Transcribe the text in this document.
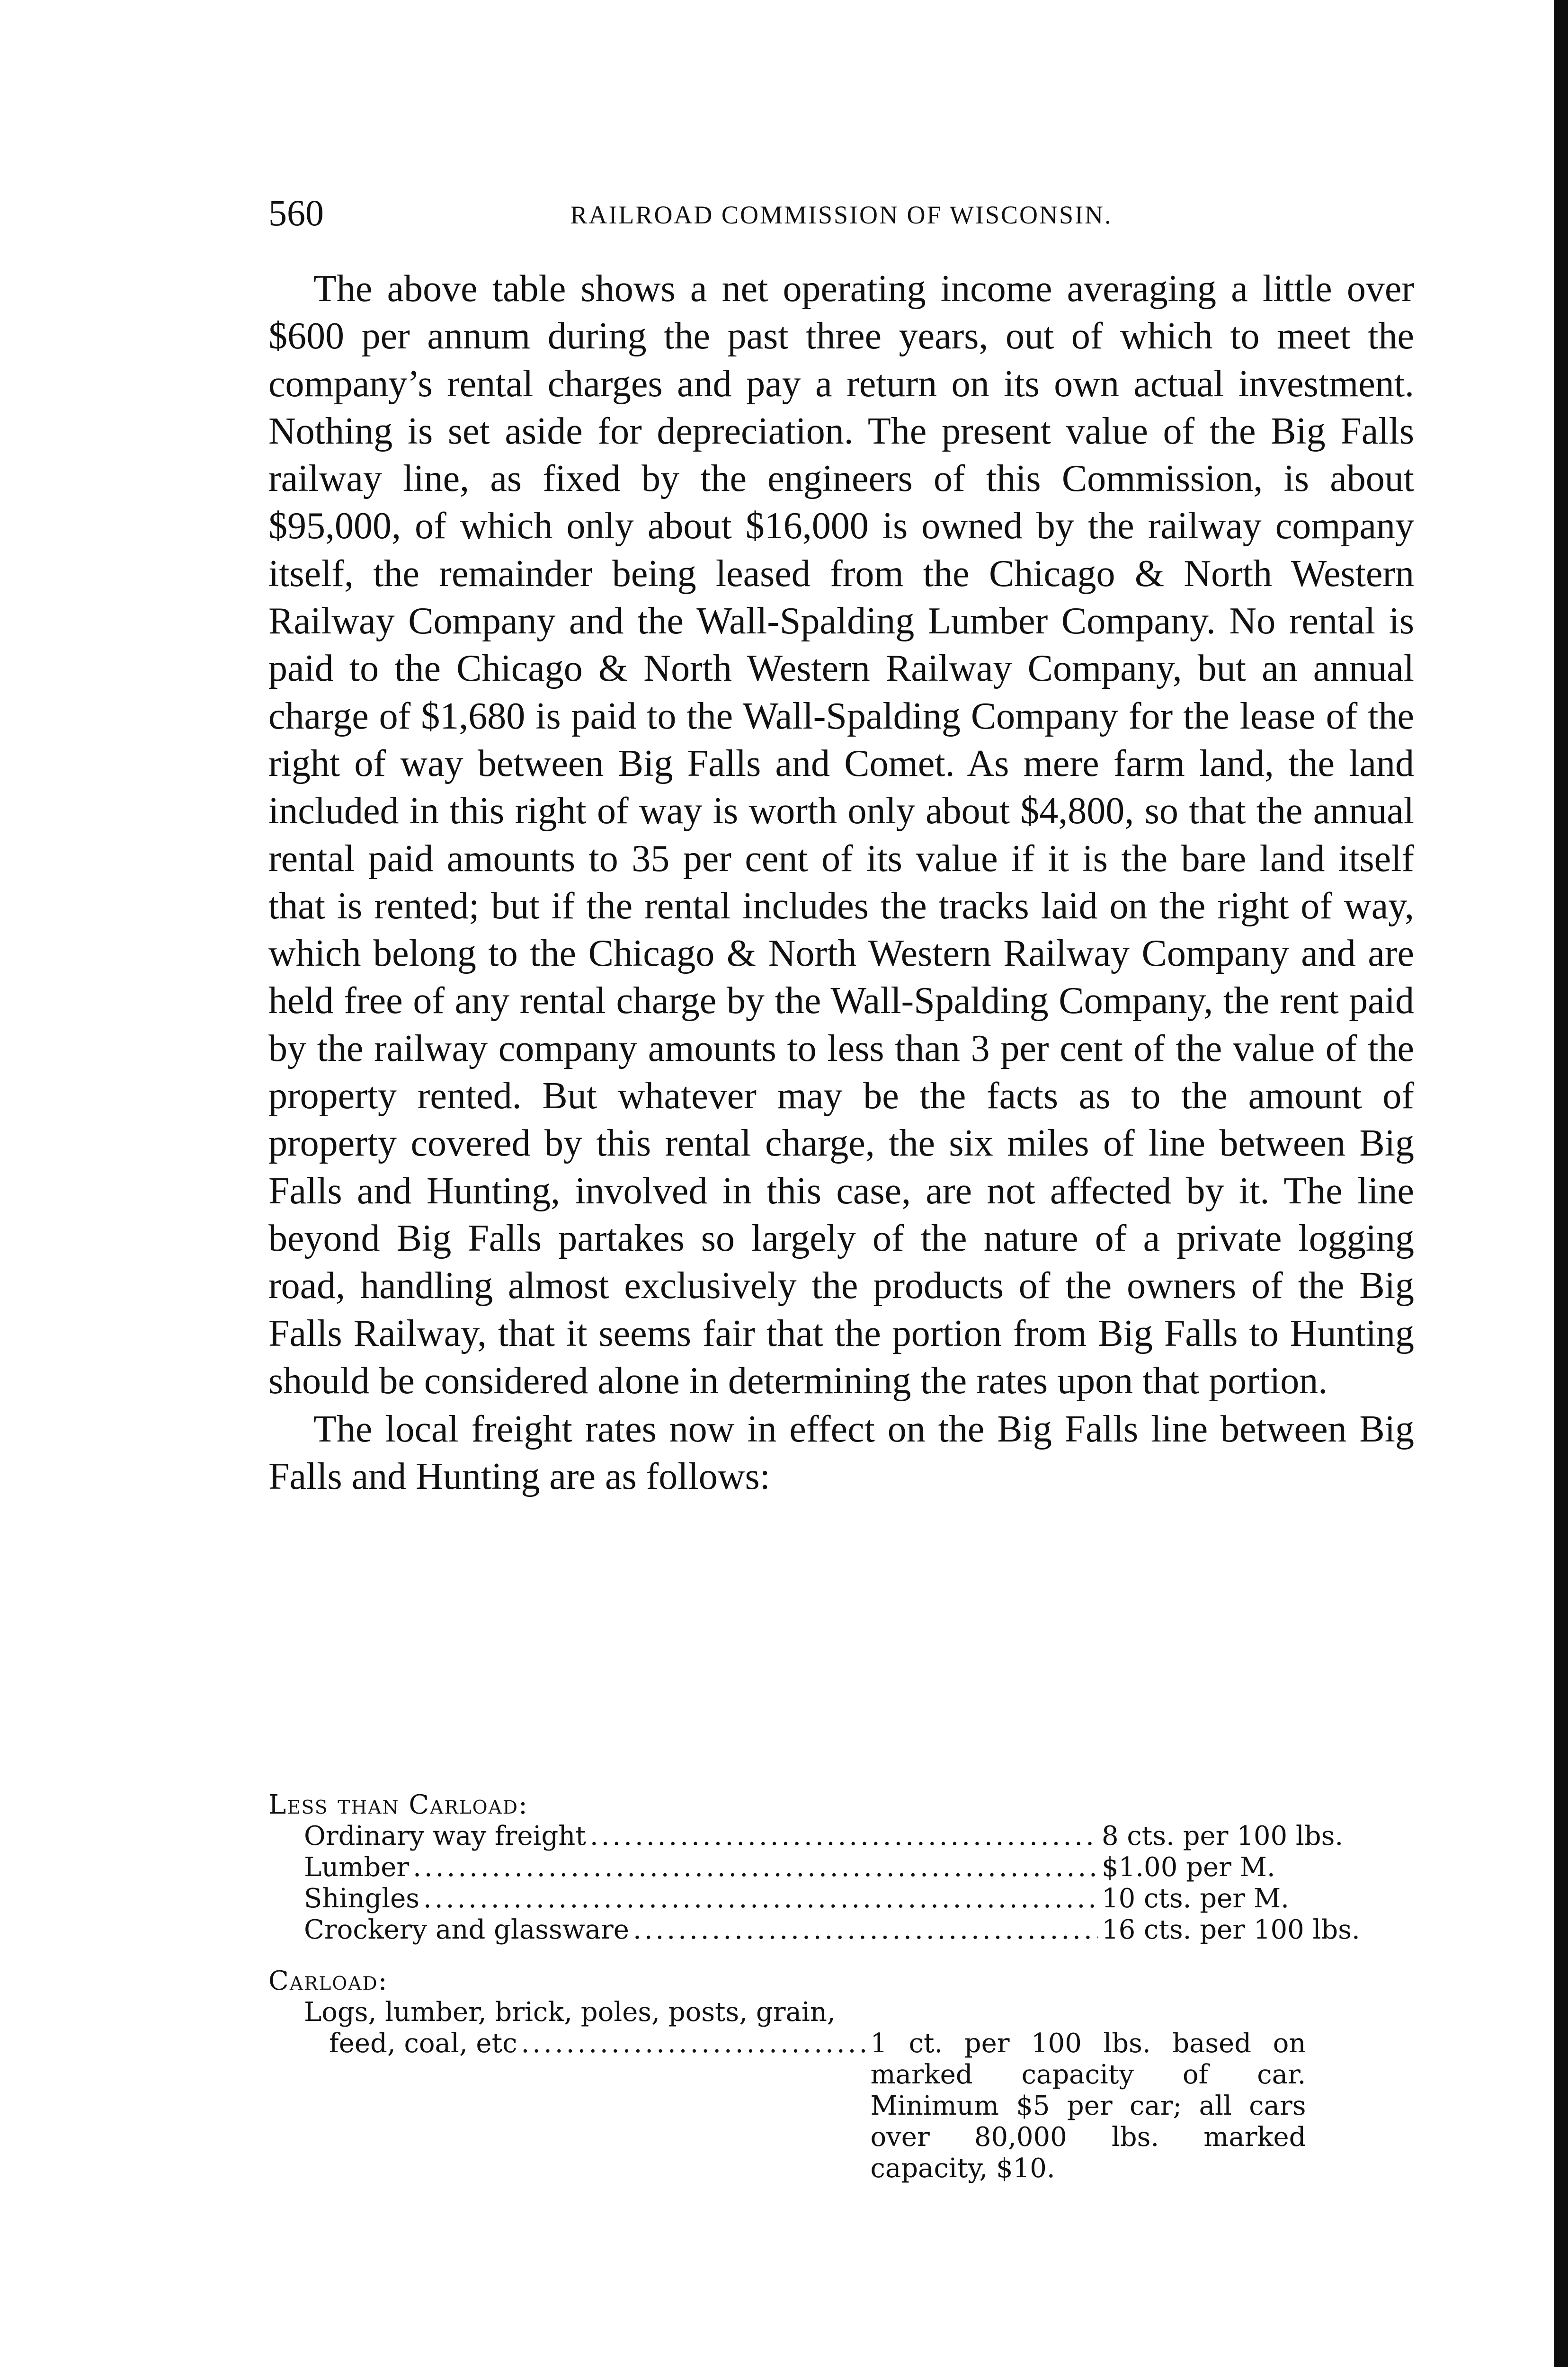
560	RAILROAD COMMISSION OF WISCONSIN.

The above table shows a net operating income averaging a little over $600 per annum during the past three years, out of which to meet the company’s rental charges and pay a return on its own actual investment. Nothing is set aside for depreciation. The present value of the Big Falls railway line, as fixed by the engineers of this Commission, is about $95,000, of which only about $16,000 is owned by the railway company itself, the remainder being leased from the Chicago & North Western Railway Company and the Wall-Spalding Lumber Company. No rental is paid to the Chicago & North Western Railway Company, but an annual charge of $1,680 is paid to the Wall-Spalding Company for the lease of the right of way between Big Falls and Comet. As mere farm land, the land included in this right of way is worth only about $4,800, so that the annual rental paid amounts to 35 per cent of its value if it is the bare land itself that is rented; but if the rental includes the tracks laid on the right of way, which belong to the Chicago & North Western Railway Company and are held free of any rental charge by the Wall-Spalding Company, the rent paid by the railway company amounts to less than 3 per cent of the value of the property rented. But whatever may be the facts as to the amount of property covered by this rental charge, the six miles of line between Big Falls and Hunting, involved in this case, are not affected by it. The line beyond Big Falls partakes so largely of the nature of a private logging road, handling almost exclusively the products of the owners of the Big Falls Railway, that it seems fair that the portion from Big Falls to Hunting should be considered alone in determining the rates upon that portion.

The local freight rates now in effect on the Big Falls line between Big Falls and Hunting are as follows:

Less than Carload:
Ordinary way freight .....	8 cts. per 100 lbs.
Lumber .....	$1.00 per M.
Shingles .....	10 cts. per M.
Crockery and glassware .....	16 cts. per 100 lbs.
Carload:
Logs, lumber, brick, poles, posts, grain,
feed, coal, etc .....	1 ct. per 100 lbs. based on marked capacity of car. Minimum $5 per car; all cars over 80,000 lbs. marked capacity, $10.
